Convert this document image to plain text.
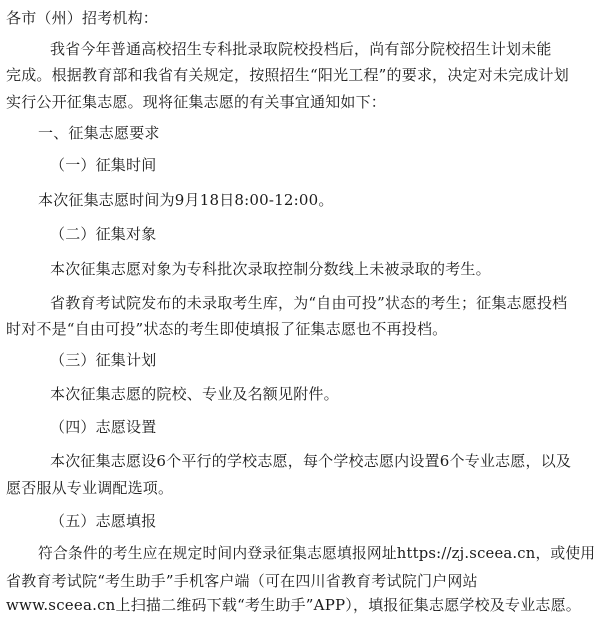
各市（州）招考机构：
我省今年普通高校招生专科批录取院校投档后，尚有部分院校招生计划未能
完成。根据教育部和我省有关规定，按照招生“阳光工程”的要求，决定对未完成计划
实行公开征集志愿。现将征集志愿的有关事宜通知如下：
一、征集志愿要求
（一）征集时间
本次征集志愿时间为9月18日8:00-12:00。
（二）征集对象
本次征集志愿对象为专科批次录取控制分数线上未被录取的考生。
省教育考试院发布的未录取考生库，为“自由可投”状态的考生；征集志愿投档
时对不是“自由可投”状态的考生即使填报了征集志愿也不再投档。
（三）征集计划
本次征集志愿的院校、专业及名额见附件。
（四）志愿设置
本次征集志愿设6个平行的学校志愿，每个学校志愿内设置6个专业志愿，以及
愿否服从专业调配选项。
（五）志愿填报
符合条件的考生应在规定时间内登录征集志愿填报网址https://zj.sceea.cn，或使用
省教育考试院“考生助手”手机客户端（可在四川省教育考试院门户网站
www.sceea.cn上扫描二维码下载“考生助手”APP），填报征集志愿学校及专业志愿。
